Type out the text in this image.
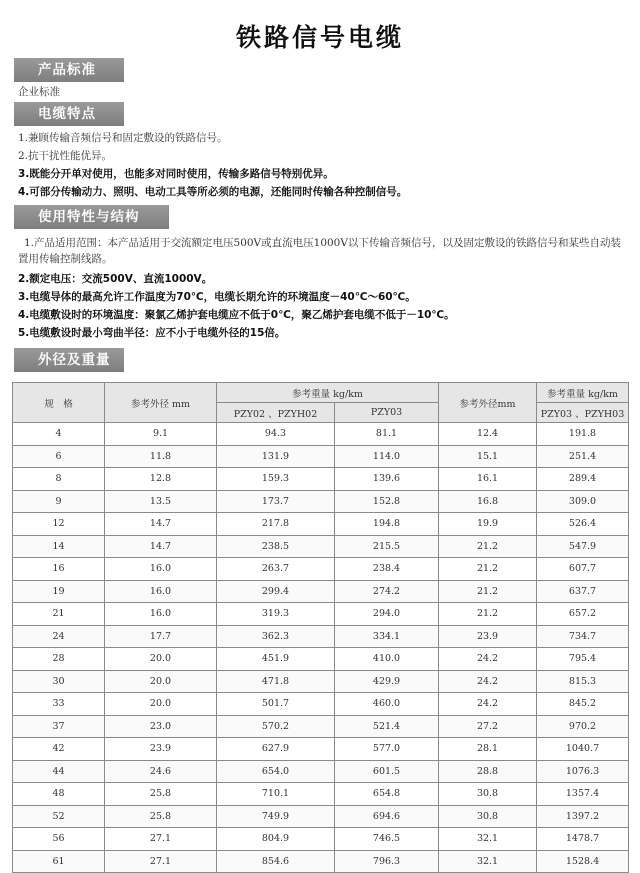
铁路信号电缆
产品标准
企业标准
电缆特点
1.兼顾传输音频信号和固定敷设的铁路信号。
2.抗干扰性能优异。
3.既能分开单对使用，也能多对同时使用，传输多路信号特别优异。
4.可部分传输动力、照明、电动工具等所必须的电源，还能同时传输各种控制信号。
使用特性与结构
1.产品适用范围：本产品适用于交流额定电压500V或直流电压1000V以下传输音频信号，以及固定敷设的铁路信号和某些自动装置用传输控制线路。
2.额定电压：交流500V、直流1000V。
3.电缆导体的最高允许工作温度为70℃，电缆长期允许的环境温度－40℃～60℃。
4.电缆敷设时的环境温度：聚氯乙烯护套电缆应不低于0℃，聚乙烯护套电缆不低于－10℃。
5.电缆敷设时最小弯曲半径：应不小于电缆外径的15倍。
外径及重量
规　格	参考外径 mm	参考重量 kg/km		参考外径mm	参考重量 kg/km
		PZY02 、PZYH02	PZY03		PZY03 、PZYH03
4	9.1	94.3	81.1	12.4	191.8
6	11.8	131.9	114.0	15.1	251.4
8	12.8	159.3	139.6	16.1	289.4
9	13.5	173.7	152.8	16.8	309.0
12	14.7	217.8	194.8	19.9	526.4
14	14.7	238.5	215.5	21.2	547.9
16	16.0	263.7	238.4	21.2	607.7
19	16.0	299.4	274.2	21.2	637.7
21	16.0	319.3	294.0	21.2	657.2
24	17.7	362.3	334.1	23.9	734.7
28	20.0	451.9	410.0	24.2	795.4
30	20.0	471.8	429.9	24.2	815.3
33	20.0	501.7	460.0	24.2	845.2
37	23.0	570.2	521.4	27.2	970.2
42	23.9	627.9	577.0	28.1	1040.7
44	24.6	654.0	601.5	28.8	1076.3
48	25.8	710.1	654.8	30.8	1357.4
52	25.8	749.9	694.6	30.8	1397.2
56	27.1	804.9	746.5	32.1	1478.7
61	27.1	854.6	796.3	32.1	1528.4
